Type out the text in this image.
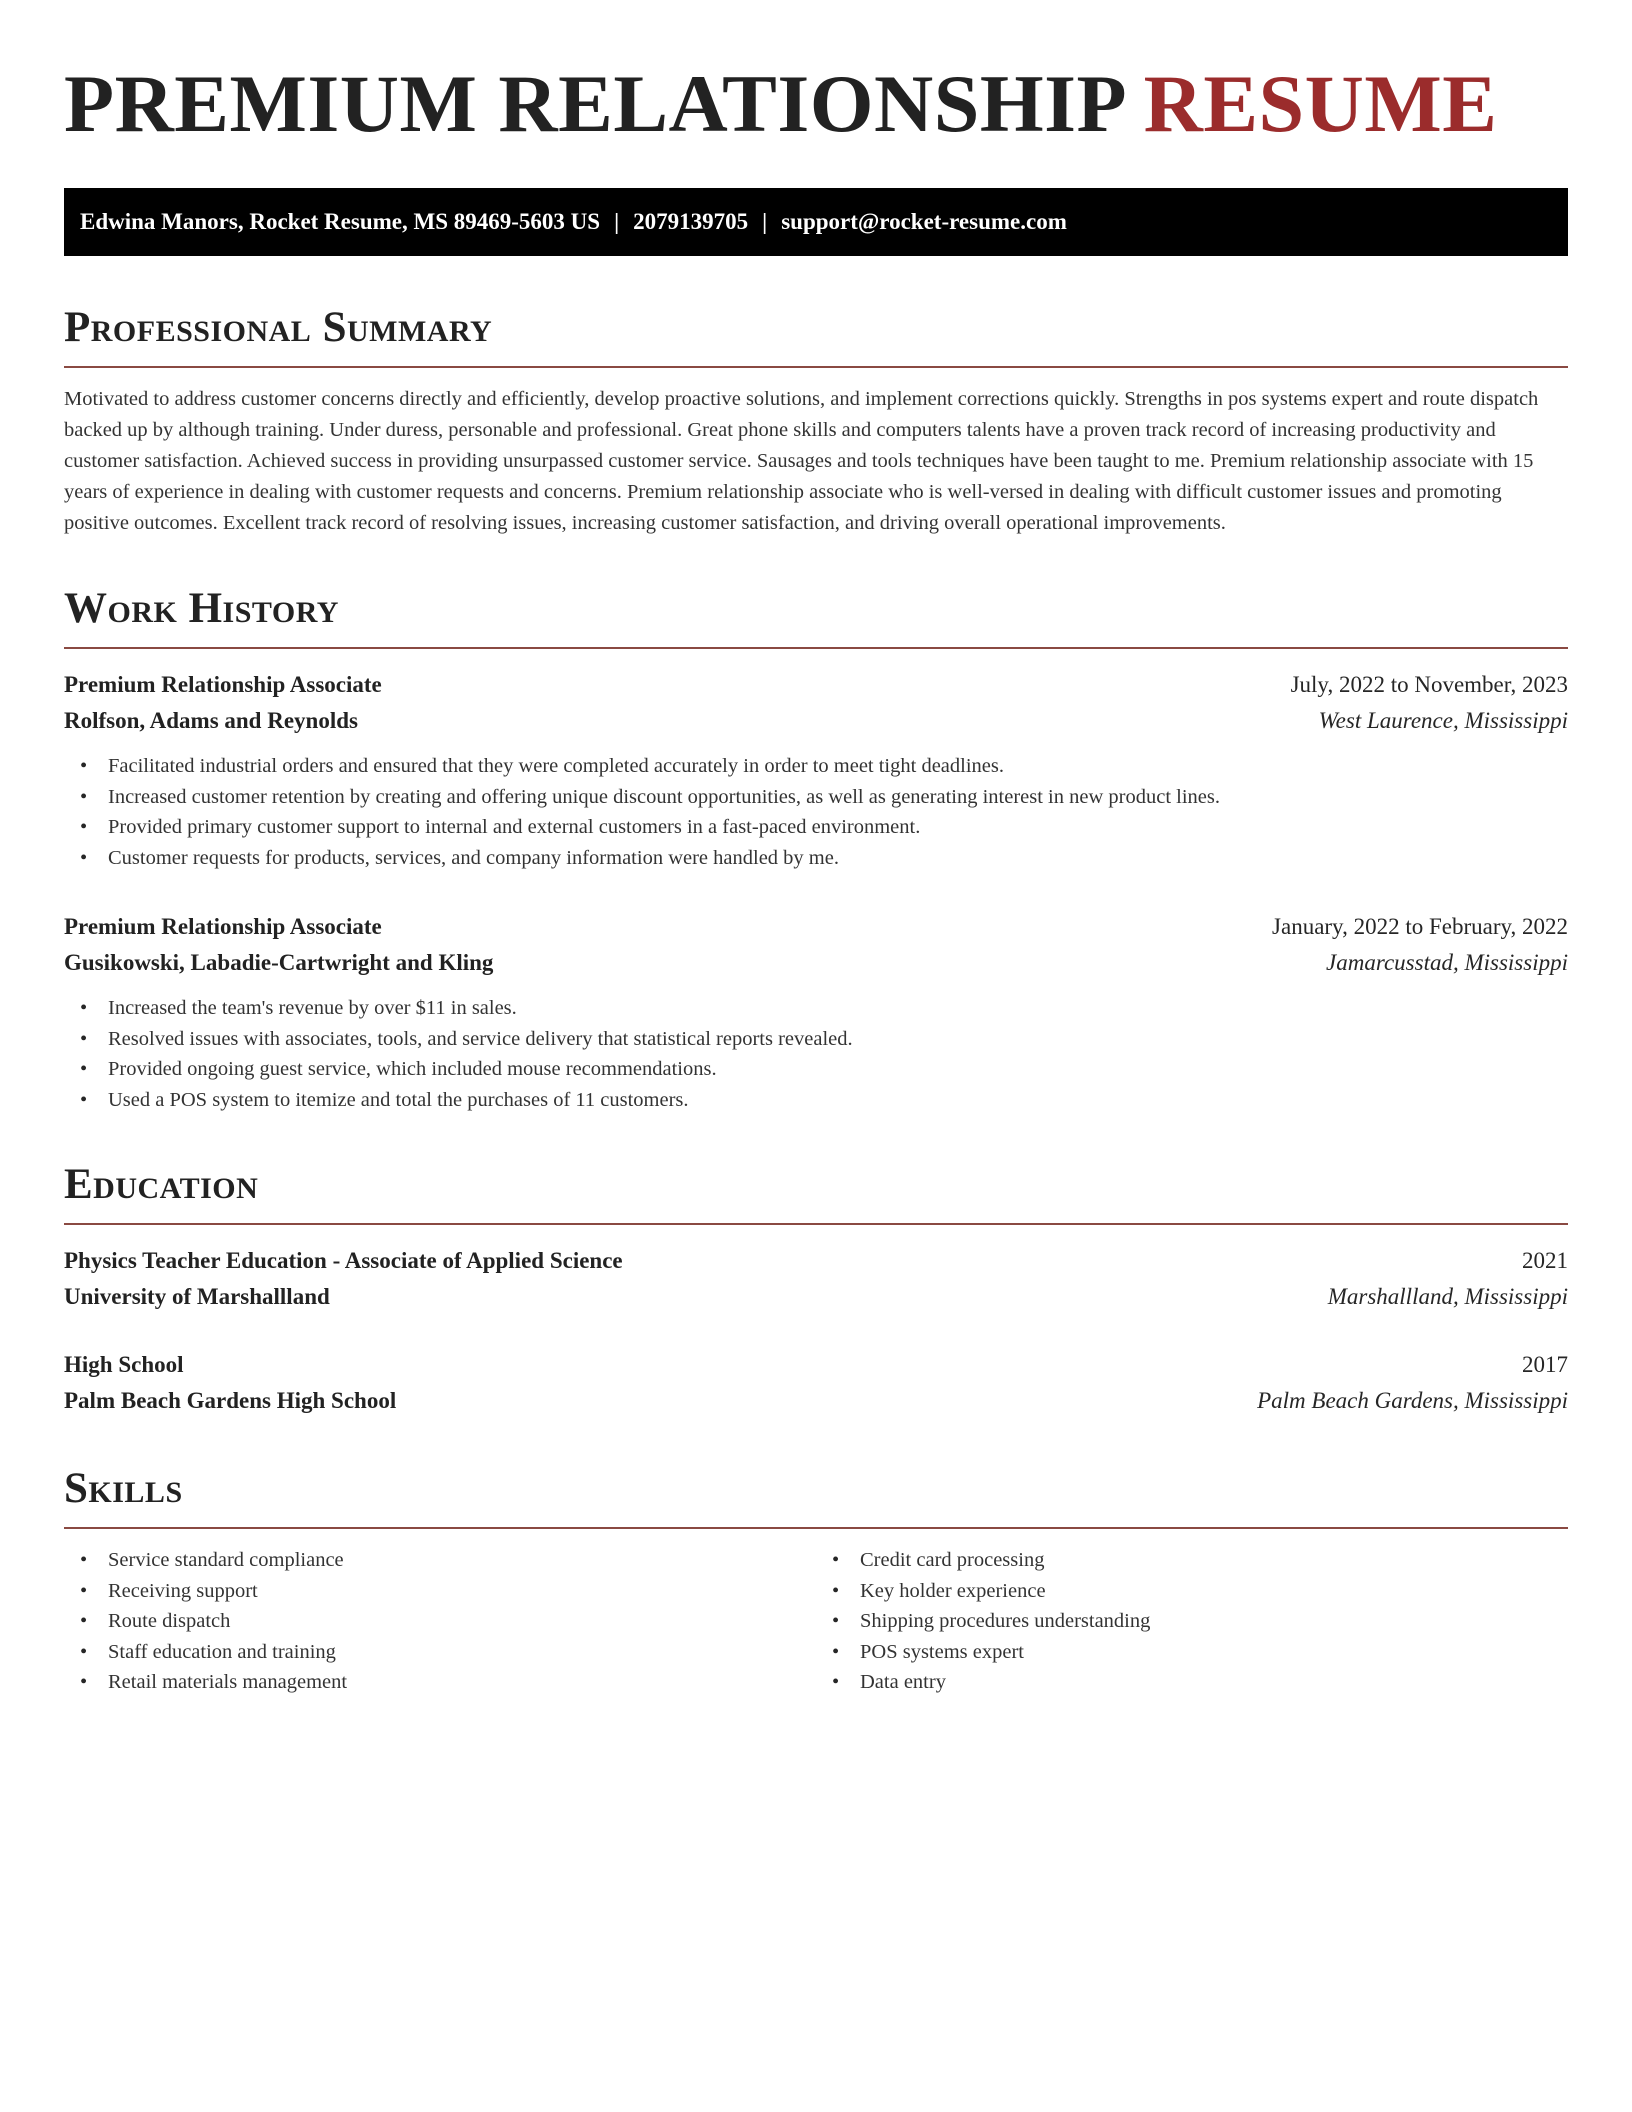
PREMIUM RELATIONSHIP RESUME
Edwina Manors, Rocket Resume, MS 89469-5603 US | 2079139705 | support@rocket-resume.com
Professional Summary

Motivated to address customer concerns directly and efficiently, develop proactive solutions, and implement corrections quickly. Strengths in pos systems expert and route dispatch backed up by although training. Under duress, personable and professional. Great phone skills and computers talents have a proven track record of increasing productivity and customer satisfaction. Achieved success in providing unsurpassed customer service. Sausages and tools techniques have been taught to me. Premium relationship associate with 15 years of experience in dealing with customer requests and concerns. Premium relationship associate who is well-versed in dealing with difficult customer issues and promoting positive outcomes. Excellent track record of resolving issues, increasing customer satisfaction, and driving overall operational improvements.

Work History
Premium Relationship Associate	July, 2022 to November, 2023
Rolfson, Adams and Reynolds	West Laurence, Mississippi
• Facilitated industrial orders and ensured that they were completed accurately in order to meet tight deadlines.
• Increased customer retention by creating and offering unique discount opportunities, as well as generating interest in new product lines.
• Provided primary customer support to internal and external customers in a fast-paced environment.
• Customer requests for products, services, and company information were handled by me.
Premium Relationship Associate	January, 2022 to February, 2022
Gusikowski, Labadie-Cartwright and Kling	Jamarcusstad, Mississippi
• Increased the team's revenue by over $11 in sales.
• Resolved issues with associates, tools, and service delivery that statistical reports revealed.
• Provided ongoing guest service, which included mouse recommendations.
• Used a POS system to itemize and total the purchases of 11 customers.
Education
Physics Teacher Education - Associate of Applied Science	2021
University of Marshallland	Marshallland, Mississippi
High School	2017
Palm Beach Gardens High School	Palm Beach Gardens, Mississippi
Skills
• Service standard compliance
• Receiving support
• Route dispatch
• Staff education and training
• Retail materials management
• Credit card processing
• Key holder experience
• Shipping procedures understanding
• POS systems expert
• Data entry
